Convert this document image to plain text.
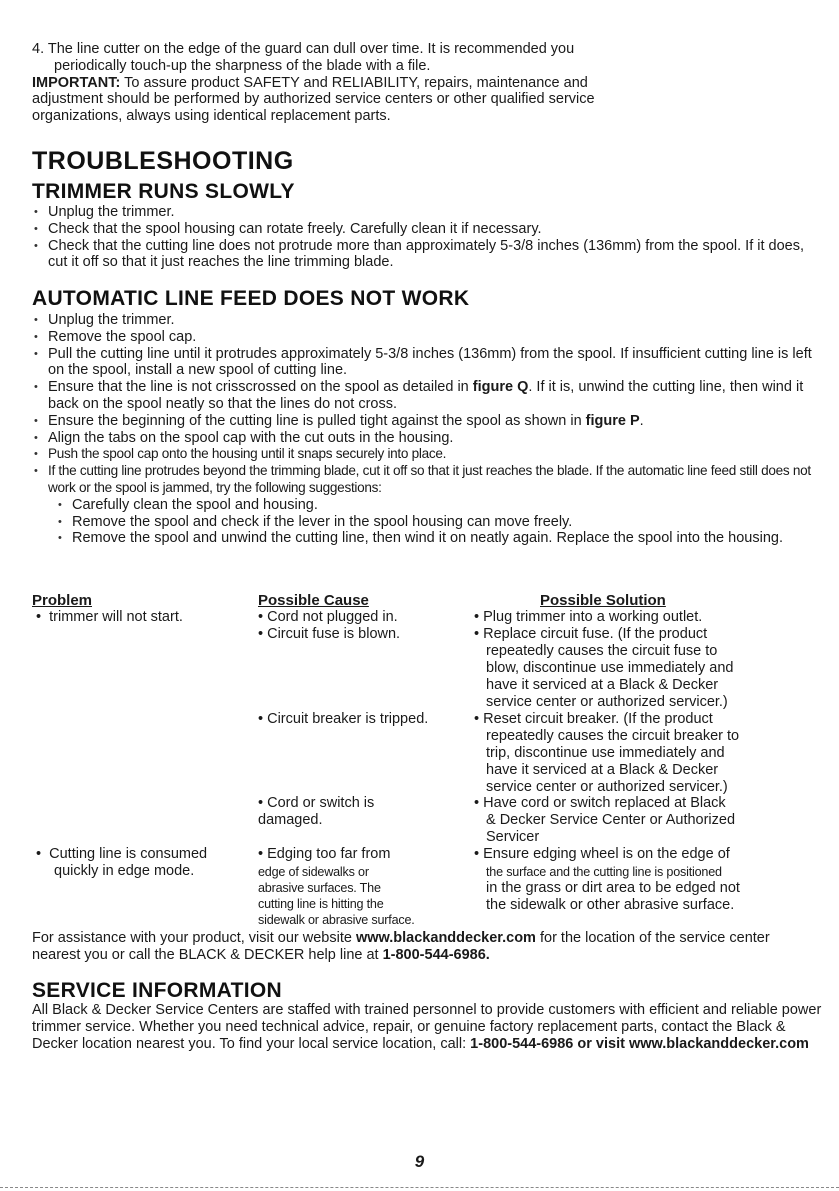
4. The line cutter on the edge of the guard can dull over time. It is recommended you

periodically touch-up the sharpness of the blade with a file.

IMPORTANT: To assure product SAFETY and RELIABILITY, repairs, maintenance and

adjustment should be performed by authorized service centers or other qualified service

organizations, always using identical replacement parts.

TROUBLESHOOTING
TRIMMER RUNS SLOWLY
• Unplug the trimmer.
• Check that the spool housing can rotate freely. Carefully clean it if necessary.
• Check that the cutting line does not protrude more than approximately 5-3/8 inches (136mm) from the spool. If it does, cut it off so that it just reaches the line trimming blade.
AUTOMATIC LINE FEED DOES NOT WORK
• Unplug the trimmer.
• Remove the spool cap.
• Pull the cutting line until it protrudes approximately 5-3/8 inches (136mm) from the spool. If insufficient cutting line is left on the spool, install a new spool of cutting line.
• Ensure that the line is not crisscrossed on the spool as detailed in figure Q. If it is, unwind the cutting line, then wind it back on the spool neatly so that the lines do not cross.
• Ensure the beginning of the cutting line is pulled tight against the spool as shown in figure P.
• Align the tabs on the spool cap with the cut outs in the housing.
• Push the spool cap onto the housing until it snaps securely into place.
• If the cutting line protrudes beyond the trimming blade, cut it off so that it just reaches the blade. If the automatic line feed still does not work or the spool is jammed, try the following suggestions:
• Carefully clean the spool and housing.
• Remove the spool and check if the lever in the spool housing can move freely.
• Remove the spool and unwind the cutting line, then wind it on neatly again. Replace the spool into the housing.
Problem	Possible Cause	Possible Solution
• trimmer will not start.
• Cutting line is consumed
quickly in edge mode.
• Cord not plugged in.
• Circuit fuse is blown.
• Circuit breaker is tripped.
• Cord or switch is
damaged.
• Edging too far from
edge of sidewalks or
abrasive surfaces. The
cutting line is hitting the
sidewalk or abrasive surface.
• Plug trimmer into a working outlet.
• Replace circuit fuse. (If the product
repeatedly causes the circuit fuse to
blow, discontinue use immediately and
have it serviced at a Black & Decker
service center or authorized servicer.)
• Reset circuit breaker. (If the product
repeatedly causes the circuit breaker to
trip, discontinue use immediately and
have it serviced at a Black & Decker
service center or authorized servicer.)
• Have cord or switch replaced at Black
& Decker Service Center or Authorized
Servicer
• Ensure edging wheel is on the edge of
the surface and the cutting line is positioned
in the grass or dirt area to be edged not
the sidewalk or other abrasive surface.

For assistance with your product, visit our website www.blackanddecker.com for the location of the service center nearest you or call the BLACK & DECKER help line at 1-800-544-6986.

SERVICE INFORMATION

All Black & Decker Service Centers are staffed with trained personnel to provide customers with efficient and reliable power trimmer service. Whether you need technical advice, repair, or genuine factory replacement parts, contact the Black & Decker location nearest you. To find your local service location, call: 1-800-544-6986 or visit www.blackanddecker.com

9
